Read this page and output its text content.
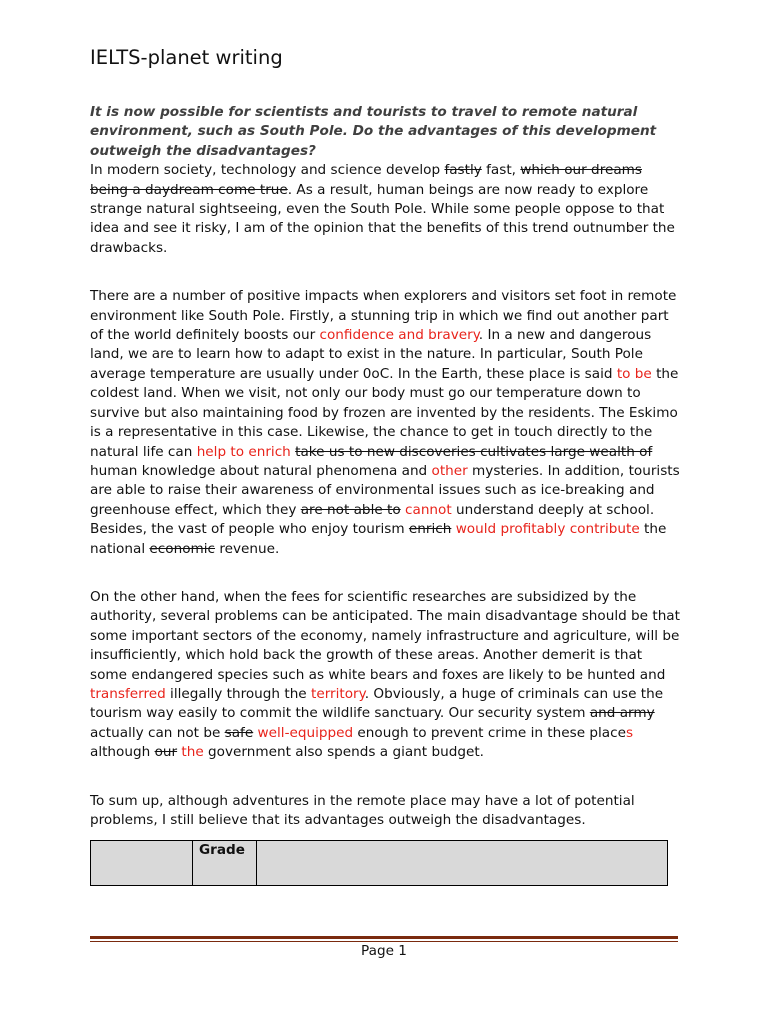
IELTS-planet writing

It is now possible for scientists and tourists to travel to remote natural environment, such as South Pole. Do the advantages of this development outweigh the disadvantages?

In modern society, technology and science develop fastly fast, which our dreams being a daydream come true. As a result, human beings are now ready to explore strange natural sightseeing, even the South Pole. While some people oppose to that idea and see it risky, I am of the opinion that the benefits of this trend outnumber the drawbacks.

There are a number of positive impacts when explorers and visitors set foot in remote environment like South Pole. Firstly, a stunning trip in which we find out another part of the world definitely boosts our confidence and bravery. In a new and dangerous land, we are to learn how to adapt to exist in the nature. In particular, South Pole average temperature are usually under 0oC. In the Earth, these place is said to be the coldest land. When we visit, not only our body must go our temperature down to survive but also maintaining food by frozen are invented by the residents. The Eskimo is a representative in this case. Likewise, the chance to get in touch directly to the natural life can help to enrich take us to new discoveries cultivates large wealth of human knowledge about natural phenomena and other mysteries. In addition, tourists are able to raise their awareness of environmental issues such as ice-breaking and greenhouse effect, which they are not able to cannot understand deeply at school. Besides, the vast of people who enjoy tourism enrich would profitably contribute the national economic revenue.

On the other hand, when the fees for scientific researches are subsidized by the authority, several problems can be anticipated. The main disadvantage should be that some important sectors of the economy, namely infrastructure and agriculture, will be insufficiently, which hold back the growth of these areas. Another demerit is that some endangered species such as white bears and foxes are likely to be hunted and transferred illegally through the territory. Obviously, a huge of criminals can use the tourism way easily to commit the wildlife sanctuary. Our security system and army actually can not be safe well-equipped enough to prevent crime in these places although our the government also spends a giant budget.

To sum up, although adventures in the remote place may have a lot of potential problems, I still believe that its advantages outweigh the disadvantages.

	Grade	
Page 1
